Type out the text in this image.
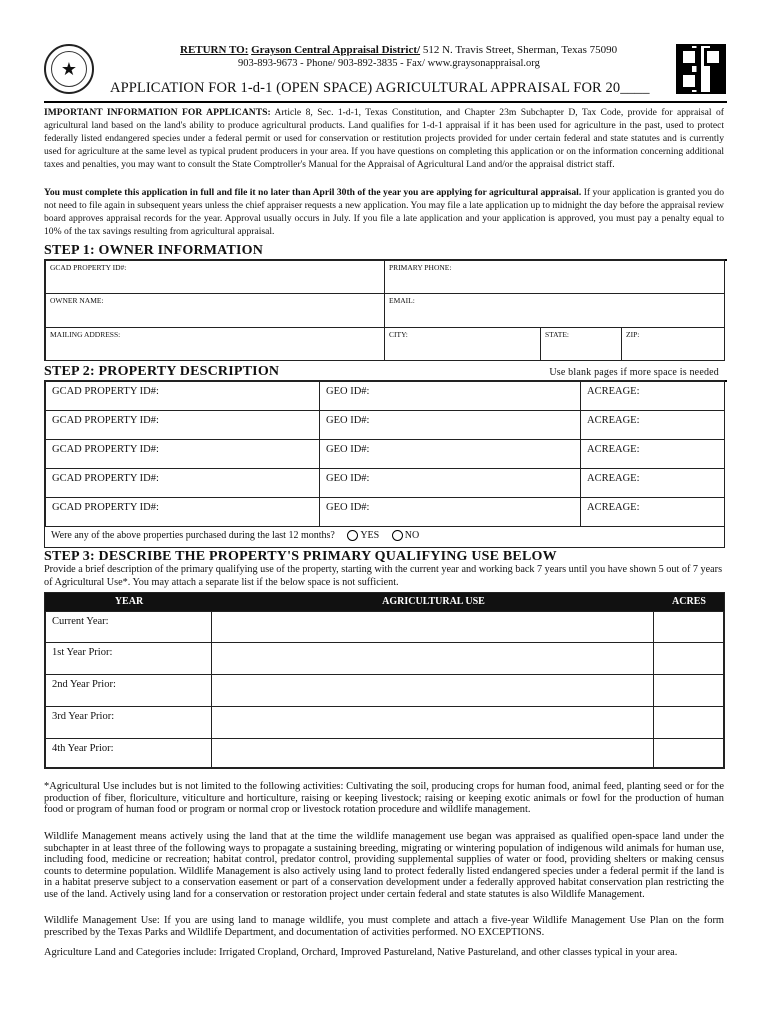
★
RETURN TO: Grayson Central Appraisal District/ 512 N. Travis Street, Sherman, Texas 75090
903-893-9673 - Phone/ 903-892-3835 - Fax/ www.graysonappraisal.org
APPLICATION FOR 1-d-1 (OPEN SPACE) AGRICULTURAL APPRAISAL FOR 20____
IMPORTANT INFORMATION FOR APPLICANTS: Article 8, Sec. 1-d-1, Texas Constitution, and Chapter 23m Subchapter D, Tax Code, provide for appraisal of agricultural land based on the land's ability to produce agricultural products. Land qualifies for 1-d-1 appraisal if it has been used for agriculture in the past, used to protect federally listed endangered species under a federal permit or used for conservation or restitution projects provided for under certain federal and state statutes and is currently used for agriculture at the same level as typical prudent producers in your area. If you have questions on completing this application or on the information concerning additional taxes and penalties, you may want to consult the State Comptroller's Manual for the Appraisal of Agricultural Land and/or the appraisal district staff.
You must complete this application in full and file it no later than April 30th of the year you are applying for agricultural appraisal. If your application is granted you do not need to file again in subsequent years unless the chief appraiser requests a new application. You may file a late application up to midnight the day before the appraisal review board approves appraisal records for the year. Approval usually occurs in July. If you file a late application and your application is approved, you must pay a penalty equal to 10% of the tax savings resulting from agricultural appraisal.
STEP 1: OWNER INFORMATION
GCAD PROPERTY ID#:	PRIMARY PHONE:
OWNER NAME:	EMAIL:
MAILING ADDRESS:	CITY:	STATE:	ZIP:
STEP 2: PROPERTY DESCRIPTION	Use blank pages if more space is needed
GCAD PROPERTY ID#:	GEO ID#:	ACREAGE:
GCAD PROPERTY ID#:	GEO ID#:	ACREAGE:
GCAD PROPERTY ID#:	GEO ID#:	ACREAGE:
GCAD PROPERTY ID#:	GEO ID#:	ACREAGE:
GCAD PROPERTY ID#:	GEO ID#:	ACREAGE:
Were any of the above properties purchased during the last 12 months?	YES	NO
STEP 3: DESCRIBE THE PROPERTY'S PRIMARY QUALIFYING USE BELOW
Provide a brief description of the primary qualifying use of the property, starting with the current year and working back 7 years until you have shown 5 out of 7 years of Agricultural Use*. You may attach a separate list if the below space is not sufficient.
YEAR	AGRICULTURAL USE	ACRES
Current Year:
1st Year Prior:
2nd Year Prior:
3rd Year Prior:
4th Year Prior:
*Agricultural Use includes but is not limited to the following activities: Cultivating the soil, producing crops for human food, animal feed, planting seed or for the production of fiber, floriculture, viticulture and horticulture, raising or keeping livestock; raising or keeping exotic animals or fowl for the production of human food or program of human food or program or normal crop or livestock rotation procedure and wildlife management.
Wildlife Management means actively using the land that at the time the wildlife management use began was appraised as qualified open-space land under the subchapter in at least three of the following ways to propagate a sustaining breeding, migrating or wintering population of indigenous wild animals for human use, including food, medicine or recreation; habitat control, predator control, providing supplemental supplies of water or food, providing shelters or making census counts to determine population. Wildlife Management is also actively using land to protect federally listed endangered species under a federal permit if the land is in a habitat preserve subject to a conservation easement or part of a conservation development under a federally approved habitat conservation plan restricting the use of the land. Actively using land for a conservation or restoration project under certain federal and state statutes is also Wildlife Management.
Wildlife Management Use: If you are using land to manage wildlife, you must complete and attach a five-year Wildlife Management Use Plan on the form prescribed by the Texas Parks and Wildlife Department, and documentation of activities performed. NO EXCEPTIONS.
Agriculture Land and Categories include: Irrigated Cropland, Orchard, Improved Pastureland, Native Pastureland, and other classes typical in your area.
